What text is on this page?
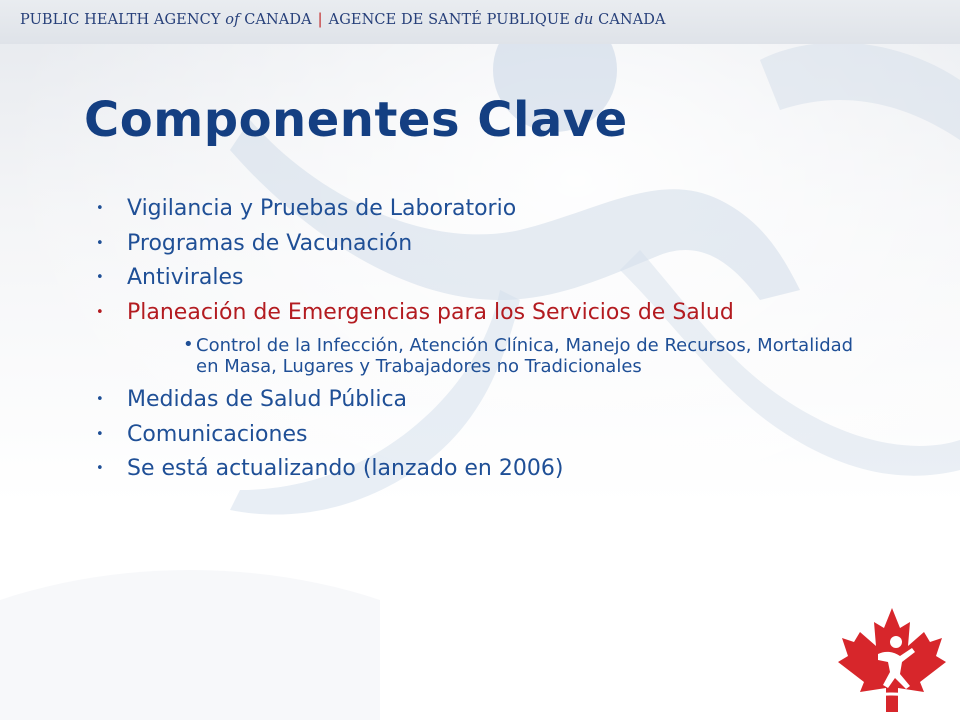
PUBLIC HEALTH AGENCY of CANADA | AGENCE DE SANTÉ PUBLIQUE du CANADA
Componentes Clave
• Vigilancia y Pruebas de Laboratorio
• Programas de Vacunación
• Antivirales
• Planeación de Emergencias para los Servicios de Salud
• Control de la Infección, Atención Clínica, Manejo de Recursos, Mortalidad en Masa, Lugares y Trabajadores no Tradicionales
• Medidas de Salud Pública
• Comunicaciones
• Se está actualizando (lanzado en 2006)
